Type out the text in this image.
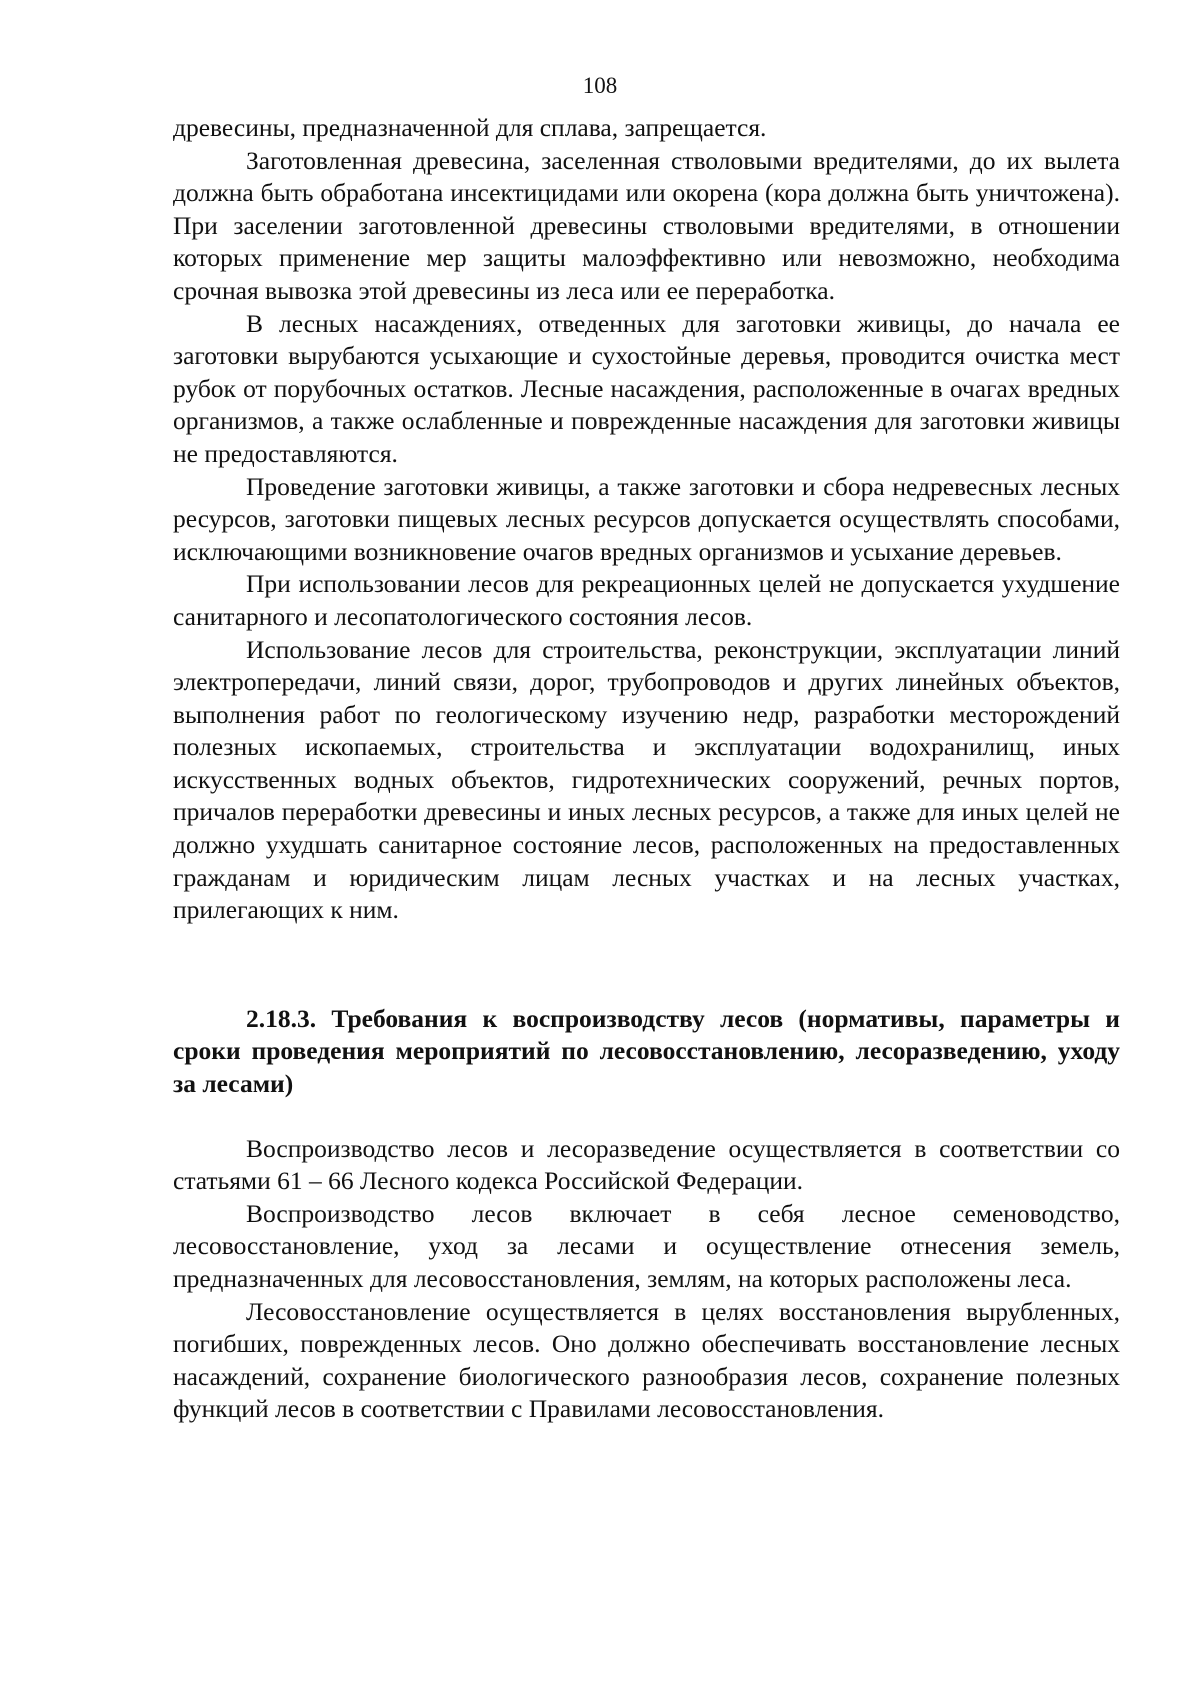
108

древесины, предназначенной для сплава, запрещается.

Заготовленная древесина, заселенная стволовыми вредителями, до их вылета должна быть обработана инсектицидами или окорена (кора должна быть уничтожена). При заселении заготовленной древесины стволовыми вредителями, в отношении которых применение мер защиты малоэффективно или невозможно, необходима срочная вывозка этой древесины из леса или ее переработка.

В лесных насаждениях, отведенных для заготовки живицы, до начала ее заготовки вырубаются усыхающие и сухостойные деревья, проводится очистка мест рубок от порубочных остатков. Лесные насаждения, расположенные в очагах вредных организмов, а также ослабленные и поврежденные насаждения для заготовки живицы не предоставляются.

Проведение заготовки живицы, а также заготовки и сбора недревесных лесных ресурсов, заготовки пищевых лесных ресурсов допускается осуществлять способами, исключающими возникновение очагов вредных организмов и усыхание деревьев.

При использовании лесов для рекреационных целей не допускается ухудшение санитарного и лесопатологического состояния лесов.

Использование лесов для строительства, реконструкции, эксплуатации линий электропередачи, линий связи, дорог, трубопроводов и других линейных объектов, выполнения работ по геологическому изучению недр, разработки месторождений полезных ископаемых, строительства и эксплуатации водохранилищ, иных искусственных водных объектов, гидротехнических сооружений, речных портов, причалов переработки древесины и иных лесных ресурсов, а также для иных целей не должно ухудшать санитарное состояние лесов, расположенных на предоставленных гражданам и юридическим лицам лесных участках и на лесных участках, прилегающих к ним.

2.18.3. Требования к воспроизводству лесов (нормативы, параметры и сроки проведения мероприятий по лесовосстановлению, лесоразведению, уходу за лесами)

Воспроизводство лесов и лесоразведение осуществляется в соответствии со статьями 61 – 66 Лесного кодекса Российской Федерации.

Воспроизводство лесов включает в себя лесное семеноводство, лесовосстановление, уход за лесами и осуществление отнесения земель, предназначенных для лесовосстановления, землям, на которых расположены леса.

Лесовосстановление осуществляется в целях восстановления вырубленных, погибших, поврежденных лесов. Оно должно обеспечивать восстановление лесных насаждений, сохранение биологического разнообразия лесов, сохранение полезных функций лесов в соответствии с Правилами лесовосстановления.
